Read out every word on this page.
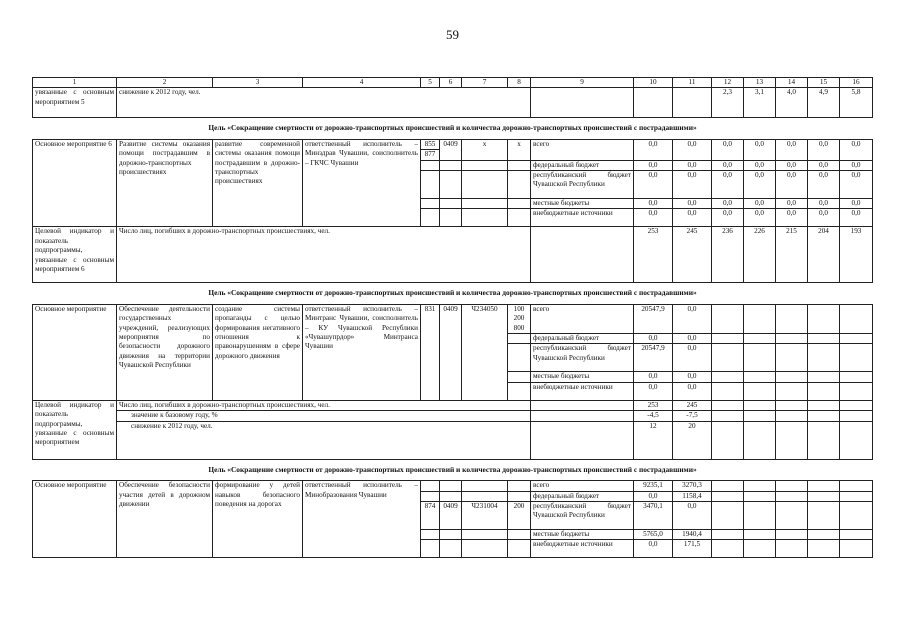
59
1	2	3	4	5	6	7	8	9	10	11	12	13	14	15	16
увязанные с основным мероприятием 5	снижение к 2012 году, чел.										2,3	3,1	4,0	4,9	5,8
Цель «Сокращение смертности от дорожно-транспортных происшествий и количества дорожно-транспортных происшествий с пострадавшими»															
Основное мероприятие 6	Развитие системы оказания помощи пострадавшим в дорожно-транспортных происшествиях	развитие современной системы оказания помощи пострадавшим в дорожно-транспортных происшествиях	ответственный исполнитель – Минздрав Чувашии, соисполнитель – ГКЧС Чувашии	855	0409	х	х	всего	0,0	0,0	0,0	0,0	0,0	0,0	0,0
				877											
								федеральный бюджет	0,0	0,0	0,0	0,0	0,0	0,0	0,0
								республиканский бюджет Чувашской Республики	0,0	0,0	0,0	0,0	0,0	0,0	0,0
								местные бюджеты	0,0	0,0	0,0	0,0	0,0	0,0	0,0
								внебюджетные источники	0,0	0,0	0,0	0,0	0,0	0,0	0,0
Целевой индикатор и показатель подпрограммы, увязанные с основным мероприятием 6	Число лиц, погибших в дорожно-транспортных происшествиях, чел.								253	245	236	226	215	204	193
Цель «Сокращение смертности от дорожно-транспортных происшествий и количества дорожно-транспортных происшествий с пострадавшими»															
Основное мероприятие	Обеспечение деятельности государственных учреждений, реализующих мероприятия по безопасности дорожного движения на территории Чувашской Республики	создание системы пропаганды с целью формирования негативного отношения к правонарушениям в сфере дорожного движения	ответственный исполнитель – Минтранс Чувашии, соисполнитель – КУ Чувашской Республики «Чувашупрдор» Минтранса Чувашии	831	0409	Ч234050	100
200
800	всего	20547,9	0,0					
								федеральный бюджет	0,0	0,0					
								республиканский бюджет Чувашской Республики	20547,9	0,0					
								местные бюджеты	0,0	0,0					
								внебюджетные источники	0,0	0,0					
Целевой индикатор и показатель подпрограммы, увязанные с основным мероприятием	Число лиц, погибших в дорожно-транспортных происшествиях, чел.								253	245					
	значение к базовому году, %								-4,5	-7,5					
	снижение к 2012 году, чел.								12	20					
Цель «Сокращение смертности от дорожно-транспортных происшествий и количества дорожно-транспортных происшествий с пострадавшими»															
Основное мероприятие	Обеспечение безопасности участия детей в дорожном движении	формирование у детей навыков безопасного поведения на дорогах	ответственный исполнитель – Минобразования Чувашии					всего	9235,1	3270,3					
								федеральный бюджет	0,0	1158,4					
				874	0409	Ч231004	200	республиканский бюджет Чувашской Республики	3470,1	0,0					
								местные бюджеты	5765,0	1940,4					
								внебюджетные источники	0,0	171,5					
